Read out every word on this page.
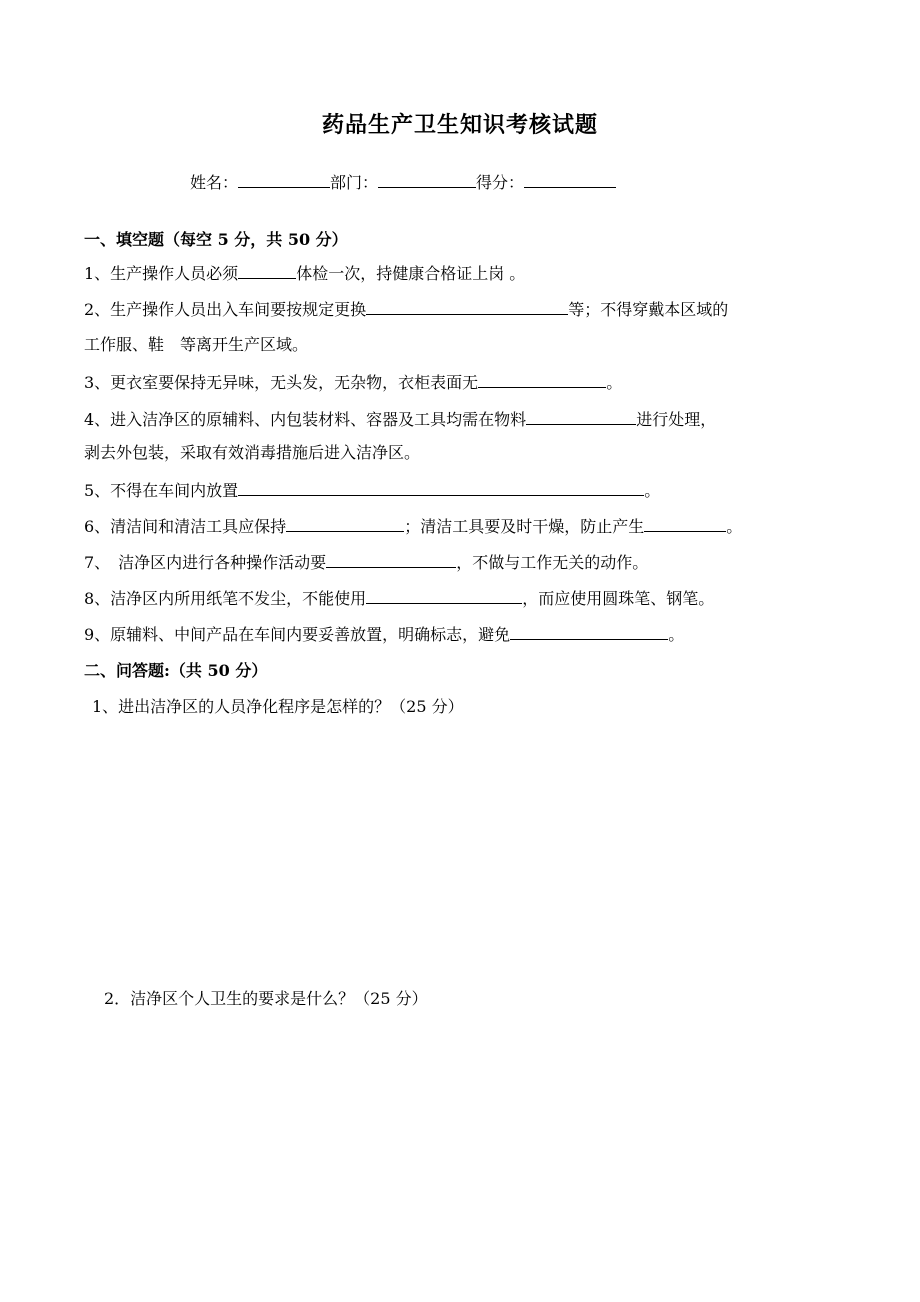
药品生产卫生知识考核试题
姓名：	部门：	得分：
一、填空题（每空 5 分，共 50 分）
1、生产操作人员必须	体检一次，持健康合格证上岗 。
2、生产操作人员出入车间要按规定更换	等；不得穿戴本区域的
工作服、鞋　等离开生产区域。
3、更衣室要保持无异味，无头发，无杂物，衣柜表面无	。
4、进入洁净区的原辅料、内包装材料、容器及工具均需在物料	进行处理，
剥去外包装，采取有效消毒措施后进入洁净区。
5、不得在车间内放置	。
6、清洁间和清洁工具应保持	；清洁工具要及时干燥，防止产生	。
7、　洁净区内进行各种操作活动要	，不做与工作无关的动作。
8、洁净区内所用纸笔不发尘，不能使用	，而应使用圆珠笔、钢笔。
9、原辅料、中间产品在车间内要妥善放置，明确标志，避免	。
二、问答题:（共 50 分）
1、进出洁净区的人员净化程序是怎样的？（25 分）
2．洁净区个人卫生的要求是什么？（25 分）
